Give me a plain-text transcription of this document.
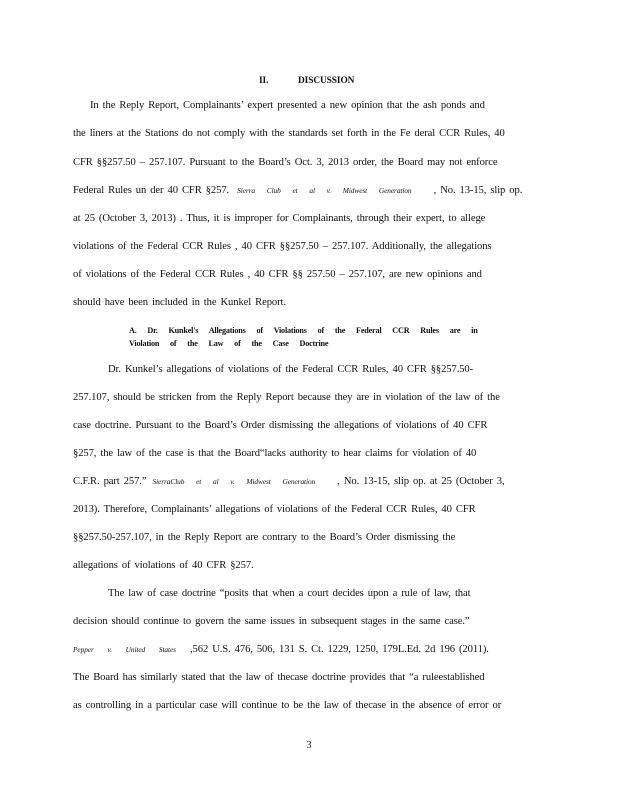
II.	DISCUSSION
In the Reply Report, Complainants’ expert presented a new opinion that the ash ponds and
the liners at the Stations do not comply with the standards set forth in the Fe deral CCR Rules, 40
CFR §§257.50 – 257.107. Pursuant to the Board’s Oct. 3, 2013 order, the Board may not enforce
Federal Rules un der 40 CFR §257. Sierra Club et al v. Midwest Generation , No. 13-15, slip op.
at 25 (October 3, 2013) . Thus, it is improper for Complainants, through their expert, to allege
violations of the Federal CCR Rules , 40 CFR §§257.50 – 257.107. Additionally, the allegations
of violations of the Federal CCR Rules , 40 CFR §§ 257.50 – 257.107, are new opinions and
should have been included in the Kunkel Report.
A. Dr. Kunkel's Allegations of Violations of the Federal CCR Rules are in
Violation of the Law of the Case Doctrine
Dr. Kunkel’s allegations of violations of the Federal CCR Rules, 40 CFR §§257.50-
257.107, should be stricken from the Reply Report because they are in violation of the law of the
case doctrine. Pursuant to the Board’s Order dismissing the allegations of violations of 40 CFR
§257, the law of the case is that the Board“lacks authority to hear claims for violation of 40
C.F.R. part 257.” SierraClub et al v. Midwest Generation , No. 13-15, slip op. at 25 (October 3,
2013). Therefore, Complainants’ allegations of violations of the Federal CCR Rules, 40 CFR
§§257.50-257.107, in the Reply Report are contrary to the Board’s Order dismissing the
allegations of violations of 40 CFR §257.
The law of case doctrine “posits that when a court decides upon a rule of law, that
decision should continue to govern the same issues in subsequent stages in the same case.”
Pepper v. United States ,562 U.S. 476, 506, 131 S. Ct. 1229, 1250, 179L.Ed. 2d 196 (2011).
The Board has similarly stated that the law of thecase doctrine provides that “a ruleestablished
as controlling in a particular case will continue to be the law of thecase in the absence of error or
3
